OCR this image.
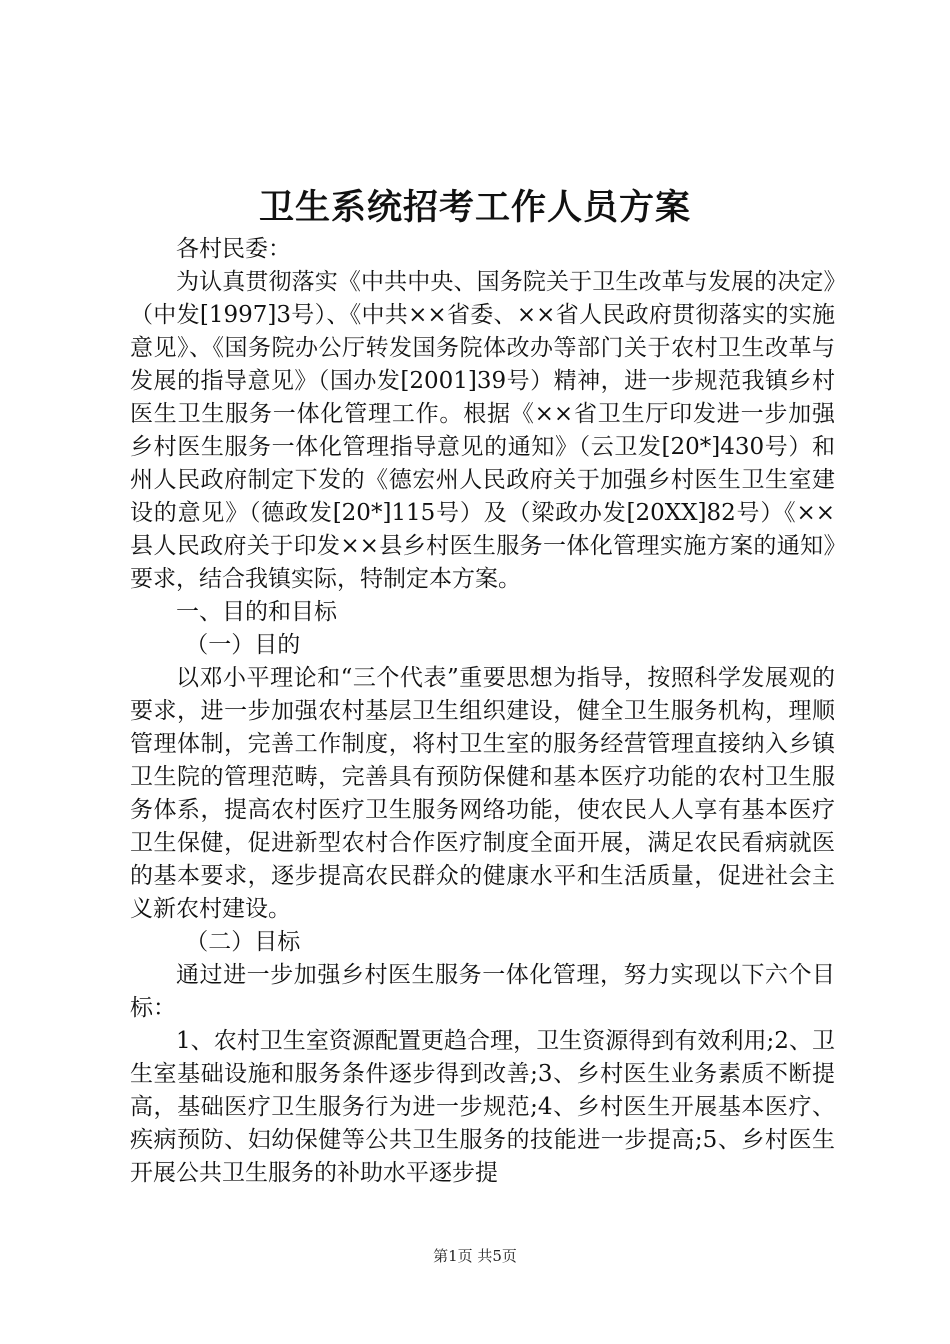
卫生系统招考工作人员方案

各村民委：

为认真贯彻落实《中共中央、国务院关于卫生改革与发展的决定》（中发[1997]3号）、《中共××省委、××省人民政府贯彻落实的实施意见》、《国务院办公厅转发国务院体改办等部门关于农村卫生改革与发展的指导意见》（国办发[2001]39号）精神，进一步规范我镇乡村医生卫生服务一体化管理工作。根据《××省卫生厅印发进一步加强乡村医生服务一体化管理指导意见的通知》（云卫发[20*]430号）和州人民政府制定下发的《德宏州人民政府关于加强乡村医生卫生室建设的意见》（德政发[20*]115号）及（梁政办发[20XX]82号）《××县人民政府关于印发××县乡村医生服务一体化管理实施方案的通知》要求，结合我镇实际，特制定本方案。

一、目的和目标

（一）目的

以邓小平理论和“三个代表”重要思想为指导，按照科学发展观的要求，进一步加强农村基层卫生组织建设，健全卫生服务机构，理顺管理体制，完善工作制度，将村卫生室的服务经营管理直接纳入乡镇卫生院的管理范畴，完善具有预防保健和基本医疗功能的农村卫生服务体系，提高农村医疗卫生服务网络功能，使农民人人享有基本医疗卫生保健，促进新型农村合作医疗制度全面开展，满足农民看病就医的基本要求，逐步提高农民群众的健康水平和生活质量，促进社会主义新农村建设。

（二）目标

通过进一步加强乡村医生服务一体化管理，努力实现以下六个目标：

1、农村卫生室资源配置更趋合理，卫生资源得到有效利用;2、卫生室基础设施和服务条件逐步得到改善;3、乡村医生业务素质不断提高，基础医疗卫生服务行为进一步规范;4、乡村医生开展基本医疗、疾病预防、妇幼保健等公共卫生服务的技能进一步提高;5、乡村医生开展公共卫生服务的补助水平逐步提

第1页 共5页
